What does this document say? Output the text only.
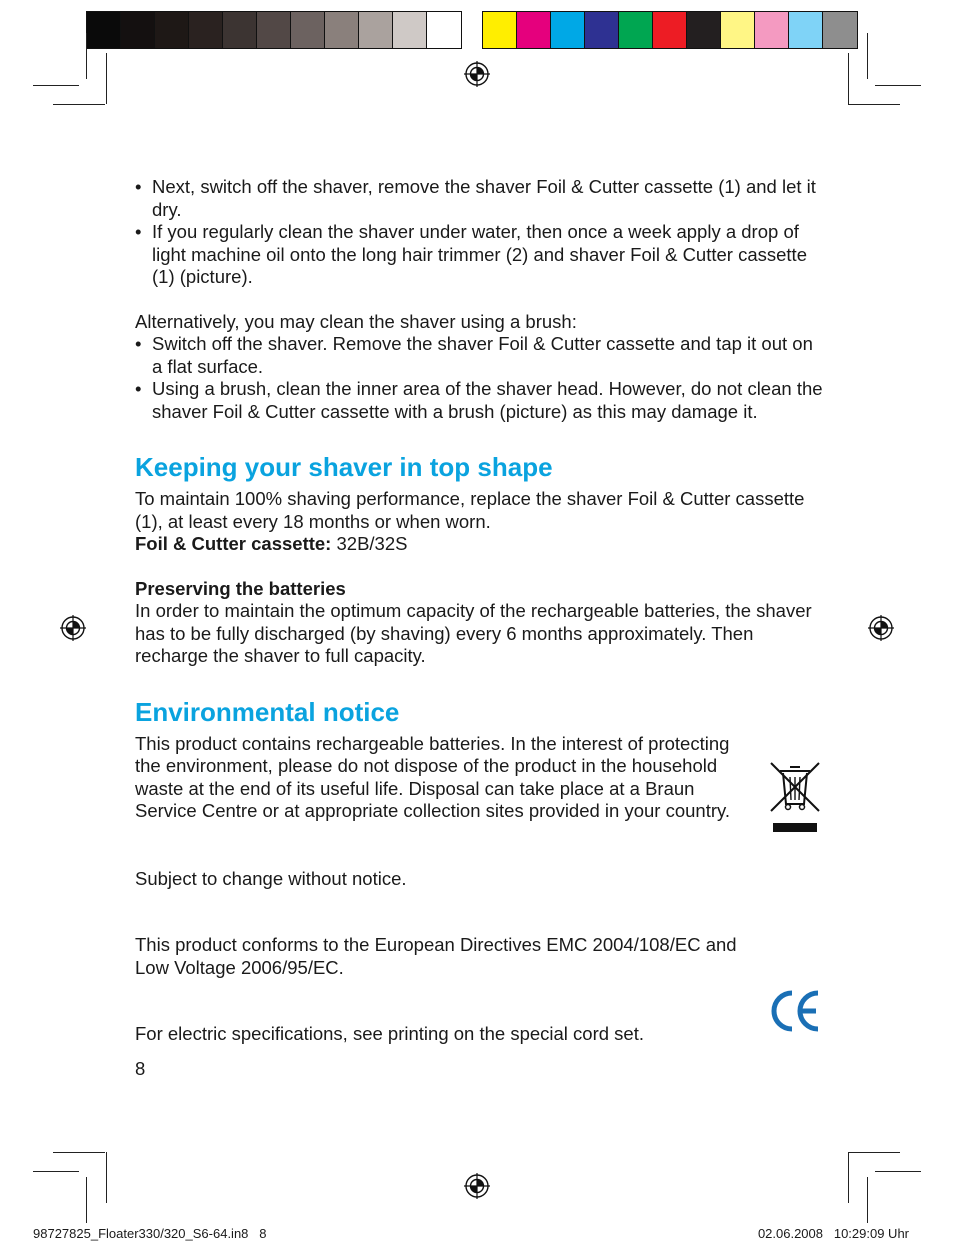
• Next, switch off the shaver, remove the shaver Foil & Cutter cassette (1) and let it dry.
• If you regularly clean the shaver under water, then once a week apply a drop of light machine oil onto the long hair trimmer (2) and shaver Foil & Cutter cassette (1) (picture).

Alternatively, you may clean the shaver using a brush:

• Switch off the shaver. Remove the shaver Foil & Cutter cassette and tap it out on a flat surface.
• Using a brush, clean the inner area of the shaver head. However, do not clean the shaver Foil & Cutter cassette with a brush (picture) as this may damage it.
Keeping your shaver in top shape

To maintain 100% shaving performance, replace the shaver Foil & Cutter cassette (1), at least every 18 months or when worn.

Foil & Cutter cassette: 32B/32S

Preserving the batteries

In order to maintain the optimum capacity of the rechargeable batteries, the shaver has to be fully discharged (by shaving) every 6 months approximately. Then recharge the shaver to full capacity.

Environmental notice

This product contains rechargeable batteries. In the interest of protecting the environment, please do not dispose of the product in the household waste at the end of its useful life. Disposal can take place at a Braun Service Centre or at appropriate collection sites provided in your country.

Subject to change without notice.

This product conforms to the European Directives EMC 2004/108/EC and Low Voltage 2006/95/EC.

For electric specifications, see printing on the special cord set.

8

98727825_Floater330/320_S6-64.in8   8	02.06.2008   10:29:09 Uhr
